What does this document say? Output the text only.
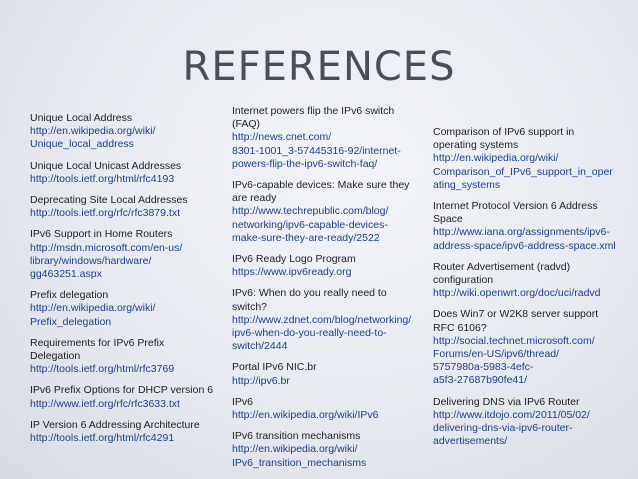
REFERENCES
Unique Local Address
http://en.wikipedia.org/wiki/
Unique_local_address
Unique Local Unicast Addresses
http://tools.ietf.org/html/rfc4193
Deprecating Site Local Addresses
http://tools.ietf.org/rfc/rfc3879.txt
IPv6 Support in Home Routers
http://msdn.microsoft.com/en-us/
library/windows/hardware/
gg463251.aspx
Prefix delegation
http://en.wikipedia.org/wiki/
Prefix_delegation
Requirements for IPv6 Prefix
Delegation
http://tools.ietf.org/html/rfc3769
IPv6 Prefix Options for DHCP version 6
http://www.ietf.org/rfc/rfc3633.txt
IP Version 6 Addressing Architecture
http://tools.ietf.org/html/rfc4291
Internet powers flip the IPv6 switch
(FAQ)
http://news.cnet.com/
8301-1001_3-57445316-92/internet-
powers-flip-the-ipv6-switch-faq/
IPv6-capable devices: Make sure they
are ready
http://www.techrepublic.com/blog/
networking/ipv6-capable-devices-
make-sure-they-are-ready/2522
IPv6 Ready Logo Program
https://www.ipv6ready.org
IPv6: When do you really need to
switch?
http://www.zdnet.com/blog/networking/
ipv6-when-do-you-really-need-to-
switch/2444
Portal IPv6 NIC.br
http://ipv6.br
IPv6
http://en.wikipedia.org/wiki/IPv6
IPv6 transition mechanisms
http://en.wikipedia.org/wiki/
IPv6_transition_mechanisms
Comparison of IPv6 support in
operating systems
http://en.wikipedia.org/wiki/
Comparison_of_IPv6_support_in_oper
ating_systems
Internet Protocol Version 6 Address
Space
http://www.iana.org/assignments/ipv6-
address-space/ipv6-address-space.xml
Router Advertisement (radvd)
configuration
http://wiki.openwrt.org/doc/uci/radvd
Does Win7 or W2K8 server support
RFC 6106?
http://social.technet.microsoft.com/
Forums/en-US/ipv6/thread/
5757980a-5983-4efc-
a5f3-27687b90fe41/
Delivering DNS via IPv6 Router
http://www.itdojo.com/2011/05/02/
delivering-dns-via-ipv6-router-
advertisements/
